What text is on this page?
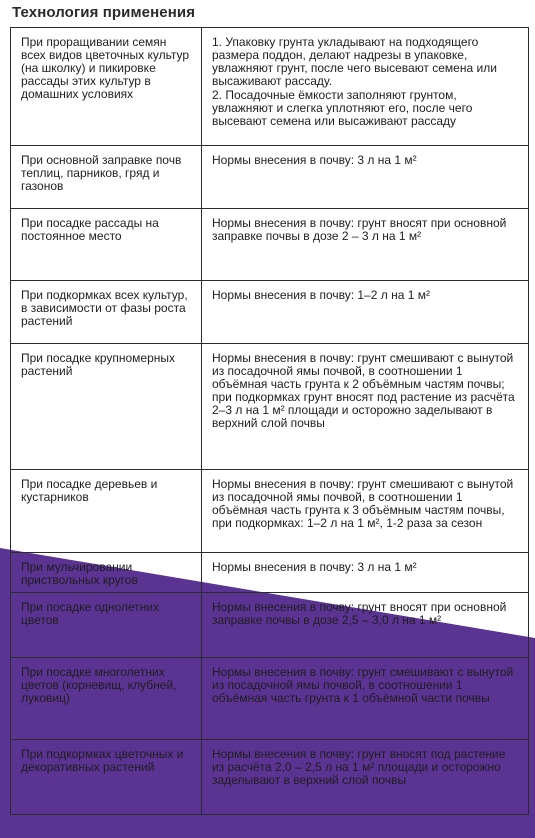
Технология применения
При проращивании семян всех видов цветочных культур (на школку) и пикировке рассады этих культур в домашних условиях	1. Упаковку грунта укладывают на подходящего размера поддон, делают надрезы в упаковке, увлажняют грунт, после чего высевают семена или высаживают рассаду.

2. Посадочные ёмкости заполняют грунтом, увлажняют и слегка уплотняют его, после чего высевают семена или высаживают рассаду

При основной заправке почв теплиц, парников, гряд и газонов	Нормы внесения в почву: 3 л на 1 м²

При посадке рассады на постоянное место	Нормы внесения в почву: грунт вносят при основной заправке почвы в дозе 2 – 3 л на 1 м²

При подкормках всех культур, в зависимости от фазы роста растений	Нормы внесения в почву: 1–2 л на 1 м²

При посадке крупномерных растений	Нормы внесения в почву: грунт смешивают с вынутой из посадочной ямы почвой, в соотношении 1 объёмная часть грунта к 2 объёмным частям почвы; при подкормках грунт вносят под растение из расчёта 2–3 л на 1 м² площади и осторожно заделывают в верхний слой почвы

При посадке деревьев и кустарников	Нормы внесения в почву: грунт смешивают с вынутой из посадочной ямы почвой, в соотношении 1 объёмная часть грунта к 3 объёмным частям почвы, при подкормках: 1–2 л на 1 м², 1-2 раза за сезон

При мульчировании приствольных кругов	Нормы внесения в почву: 3 л на 1 м²

При посадке однолетних цветов	Нормы внесения в почву: грунт вносят при основной заправке почвы в дозе 2,5 – 3,0 л на 1 м²

При посадке многолетних цветов (корневищ, клубней, луковиц)	Нормы внесения в почву: грунт смешивают с вынутой из посадочной ямы почвой, в соотношении 1 объёмная часть грунта к 1 объёмной части почвы

При подкормках цветочных и декоративных растений	Нормы внесения в почву: грунт вносят под растение из расчёта 2,0 – 2,5 л на 1 м² площади и осторожно заделывают в верхний слой почвы
